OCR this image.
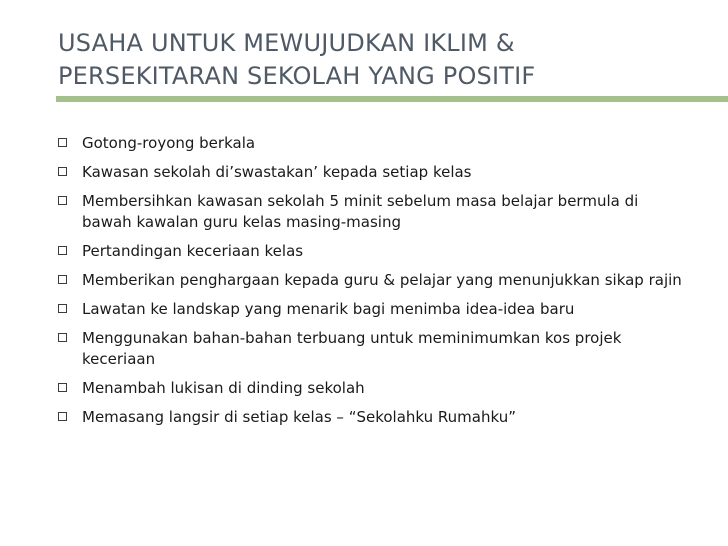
USAHA UNTUK MEWUJUDKAN IKLIM &
PERSEKITARAN SEKOLAH YANG POSITIF
Gotong-royong berkala
Kawasan sekolah di’swastakan’ kepada setiap kelas
Membersihkan kawasan sekolah 5 minit sebelum masa belajar bermula di bawah kawalan guru kelas masing-masing
Pertandingan keceriaan kelas
Memberikan penghargaan kepada guru & pelajar yang menunjukkan sikap rajin
Lawatan ke landskap yang menarik bagi menimba idea-idea baru
Menggunakan bahan-bahan terbuang untuk meminimumkan kos projek keceriaan
Menambah lukisan di dinding sekolah
Memasang langsir di setiap kelas – “Sekolahku Rumahku”
